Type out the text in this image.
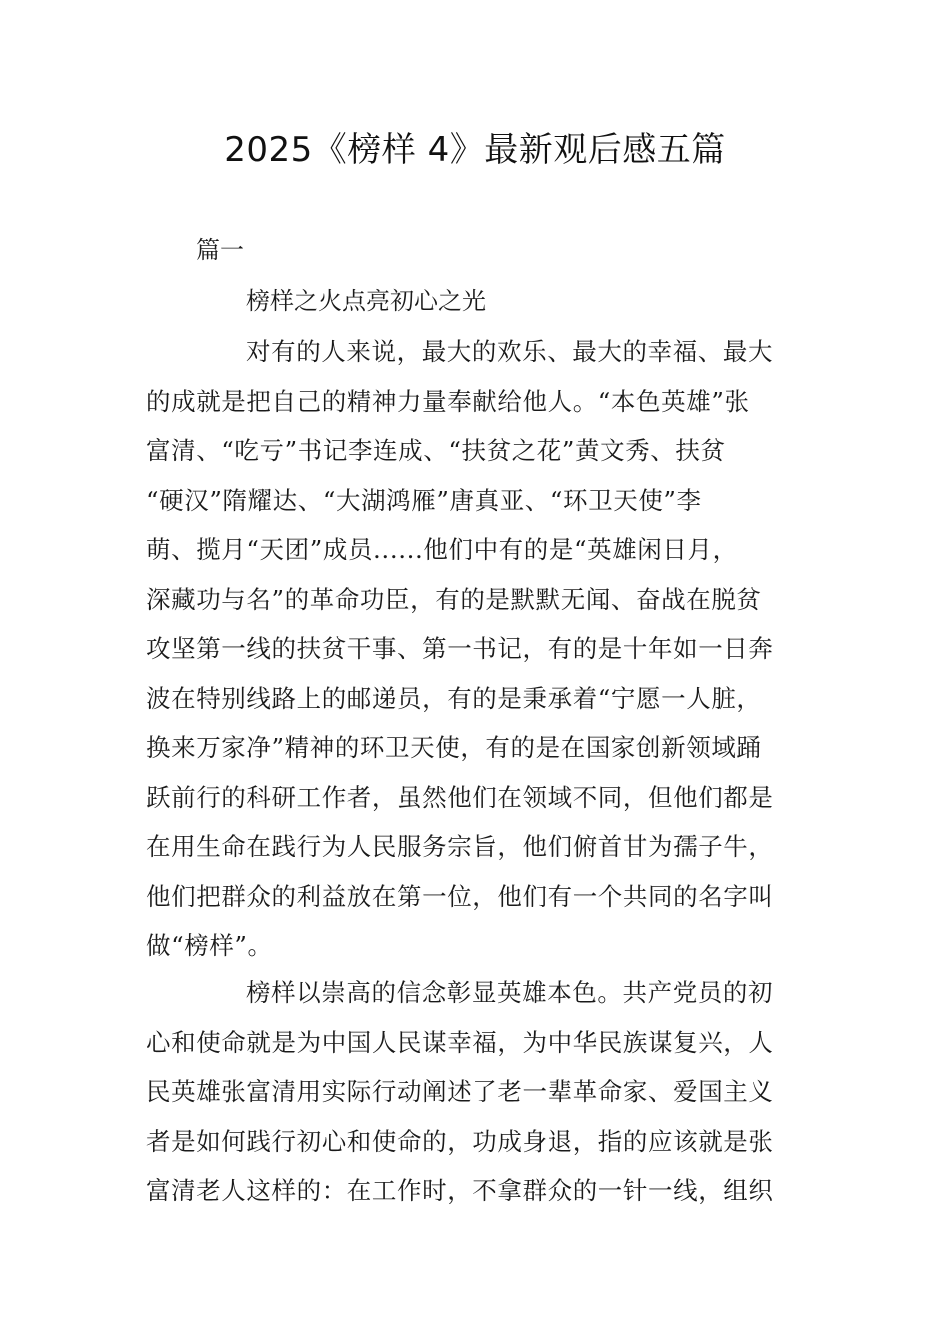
2025《榜样 4》最新观后感五篇
篇一
榜样之火点亮初心之光
对有的人来说，最大的欢乐、最大的幸福、最大
的成就是把自己的精神力量奉献给他人。“本色英雄”张
富清、“吃亏”书记李连成、“扶贫之花”黄文秀、扶贫
“硬汉”隋耀达、“大湖鸿雁”唐真亚、“环卫天使”李
萌、揽月“天团”成员......他们中有的是“英雄闲日月，
深藏功与名”的革命功臣，有的是默默无闻、奋战在脱贫
攻坚第一线的扶贫干事、第一书记，有的是十年如一日奔
波在特别线路上的邮递员，有的是秉承着“宁愿一人脏，
换来万家净”精神的环卫天使，有的是在国家创新领域踊
跃前行的科研工作者，虽然他们在领域不同，但他们都是
在用生命在践行为人民服务宗旨，他们俯首甘为孺子牛，
他们把群众的利益放在第一位，他们有一个共同的名字叫
做“榜样”。
榜样以崇高的信念彰显英雄本色。共产党员的初
心和使命就是为中国人民谋幸福，为中华民族谋复兴，人
民英雄张富清用实际行动阐述了老一辈革命家、爱国主义
者是如何践行初心和使命的，功成身退，指的应该就是张
富清老人这样的：在工作时，不拿群众的一针一线，组织
